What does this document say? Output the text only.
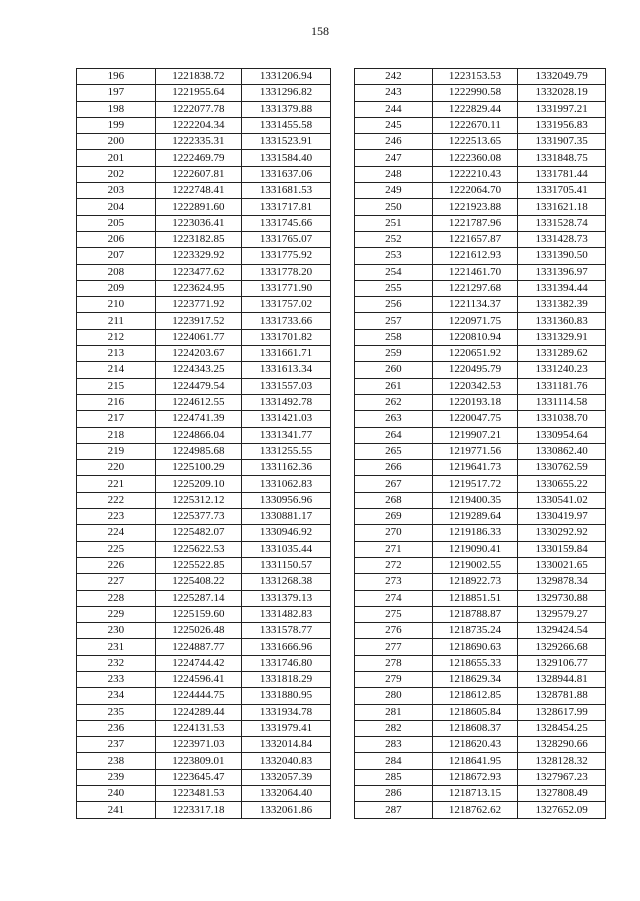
158
196	1221838.72	1331206.94
197	1221955.64	1331296.82
198	1222077.78	1331379.88
199	1222204.34	1331455.58
200	1222335.31	1331523.91
201	1222469.79	1331584.40
202	1222607.81	1331637.06
203	1222748.41	1331681.53
204	1222891.60	1331717.81
205	1223036.41	1331745.66
206	1223182.85	1331765.07
207	1223329.92	1331775.92
208	1223477.62	1331778.20
209	1223624.95	1331771.90
210	1223771.92	1331757.02
211	1223917.52	1331733.66
212	1224061.77	1331701.82
213	1224203.67	1331661.71
214	1224343.25	1331613.34
215	1224479.54	1331557.03
216	1224612.55	1331492.78
217	1224741.39	1331421.03
218	1224866.04	1331341.77
219	1224985.68	1331255.55
220	1225100.29	1331162.36
221	1225209.10	1331062.83
222	1225312.12	1330956.96
223	1225377.73	1330881.17
224	1225482.07	1330946.92
225	1225622.53	1331035.44
226	1225522.85	1331150.57
227	1225408.22	1331268.38
228	1225287.14	1331379.13
229	1225159.60	1331482.83
230	1225026.48	1331578.77
231	1224887.77	1331666.96
232	1224744.42	1331746.80
233	1224596.41	1331818.29
234	1224444.75	1331880.95
235	1224289.44	1331934.78
236	1224131.53	1331979.41
237	1223971.03	1332014.84
238	1223809.01	1332040.83
239	1223645.47	1332057.39
240	1223481.53	1332064.40
241	1223317.18	1332061.86
242	1223153.53	1332049.79
243	1222990.58	1332028.19
244	1222829.44	1331997.21
245	1222670.11	1331956.83
246	1222513.65	1331907.35
247	1222360.08	1331848.75
248	1222210.43	1331781.44
249	1222064.70	1331705.41
250	1221923.88	1331621.18
251	1221787.96	1331528.74
252	1221657.87	1331428.73
253	1221612.93	1331390.50
254	1221461.70	1331396.97
255	1221297.68	1331394.44
256	1221134.37	1331382.39
257	1220971.75	1331360.83
258	1220810.94	1331329.91
259	1220651.92	1331289.62
260	1220495.79	1331240.23
261	1220342.53	1331181.76
262	1220193.18	1331114.58
263	1220047.75	1331038.70
264	1219907.21	1330954.64
265	1219771.56	1330862.40
266	1219641.73	1330762.59
267	1219517.72	1330655.22
268	1219400.35	1330541.02
269	1219289.64	1330419.97
270	1219186.33	1330292.92
271	1219090.41	1330159.84
272	1219002.55	1330021.65
273	1218922.73	1329878.34
274	1218851.51	1329730.88
275	1218788.87	1329579.27
276	1218735.24	1329424.54
277	1218690.63	1329266.68
278	1218655.33	1329106.77
279	1218629.34	1328944.81
280	1218612.85	1328781.88
281	1218605.84	1328617.99
282	1218608.37	1328454.25
283	1218620.43	1328290.66
284	1218641.95	1328128.32
285	1218672.93	1327967.23
286	1218713.15	1327808.49
287	1218762.62	1327652.09
